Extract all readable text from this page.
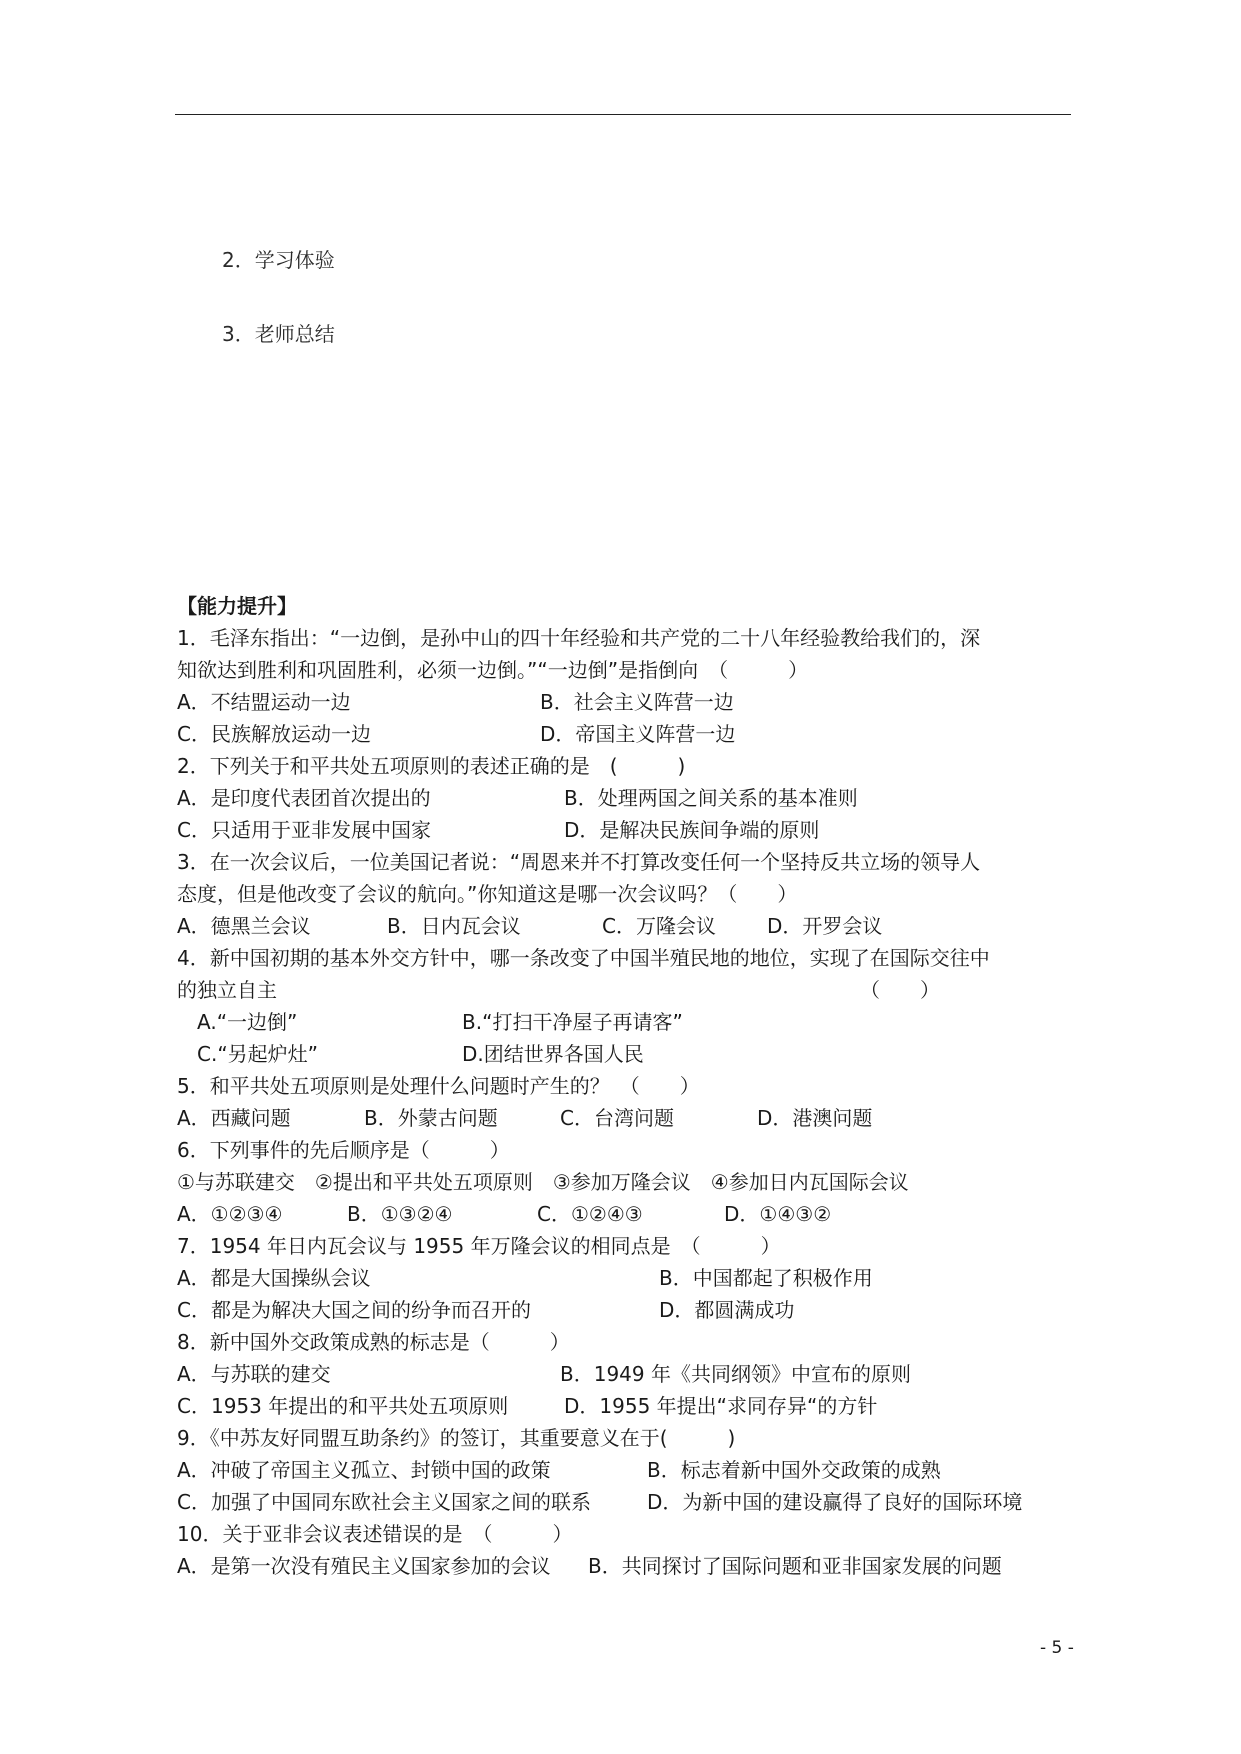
2．学习体验
3．老师总结
【能力提升】
1．毛泽东指出：“一边倒，是孙中山的四十年经验和共产党的二十八年经验教给我们的，深
知欲达到胜利和巩固胜利，必须一边倒。”“一边倒”是指倒向　（　　　）
A．不结盟运动一边	B．社会主义阵营一边
C．民族解放运动一边	D．帝国主义阵营一边
2．下列关于和平共处五项原则的表述正确的是　(　　　)
A．是印度代表团首次提出的	B．处理两国之间关系的基本准则
C．只适用于亚非发展中国家	D．是解决民族间争端的原则
3．在一次会议后，一位美国记者说：“周恩来并不打算改变任何一个坚持反共立场的领导人
态度，但是他改变了会议的航向。”你知道这是哪一次会议吗？（　　）
A．德黑兰会议	B．日内瓦会议	C．万隆会议	D．开罗会议
4．新中国初期的基本外交方针中，哪一条改变了中国半殖民地的地位，实现了在国际交往中
的独立自主	（　　）
A.“一边倒”	B.“打扫干净屋子再请客”
C.“另起炉灶”	D.团结世界各国人民
5．和平共处五项原则是处理什么问题时产生的？　（　　）
A．西藏问题	B．外蒙古问题	C．台湾问题	D．港澳问题
6．下列事件的先后顺序是（　　　）
①与苏联建交　②提出和平共处五项原则　③参加万隆会议　④参加日内瓦国际会议
A．①②③④	B．①③②④	C．①②④③	D．①④③②
7．1954 年日内瓦会议与 1955 年万隆会议的相同点是　（　　　）
A．都是大国操纵会议	B．中国都起了积极作用
C．都是为解决大国之间的纷争而召开的	D．都圆满成功
8．新中国外交政策成熟的标志是（　　　）
A．与苏联的建交	B．1949 年《共同纲领》中宣布的原则
C．1953 年提出的和平共处五项原则	D．1955 年提出“求同存异“的方针
9．《中苏友好同盟互助条约》的签订，其重要意义在于(　　　)
A．冲破了帝国主义孤立、封锁中国的政策	B．标志着新中国外交政策的成熟
C．加强了中国同东欧社会主义国家之间的联系	D．为新中国的建设赢得了良好的国际环境
10．关于亚非会议表述错误的是　（　　　）
A．是第一次没有殖民主义国家参加的会议 B．共同探讨了国际问题和亚非国家发展的问题
- 5 -
